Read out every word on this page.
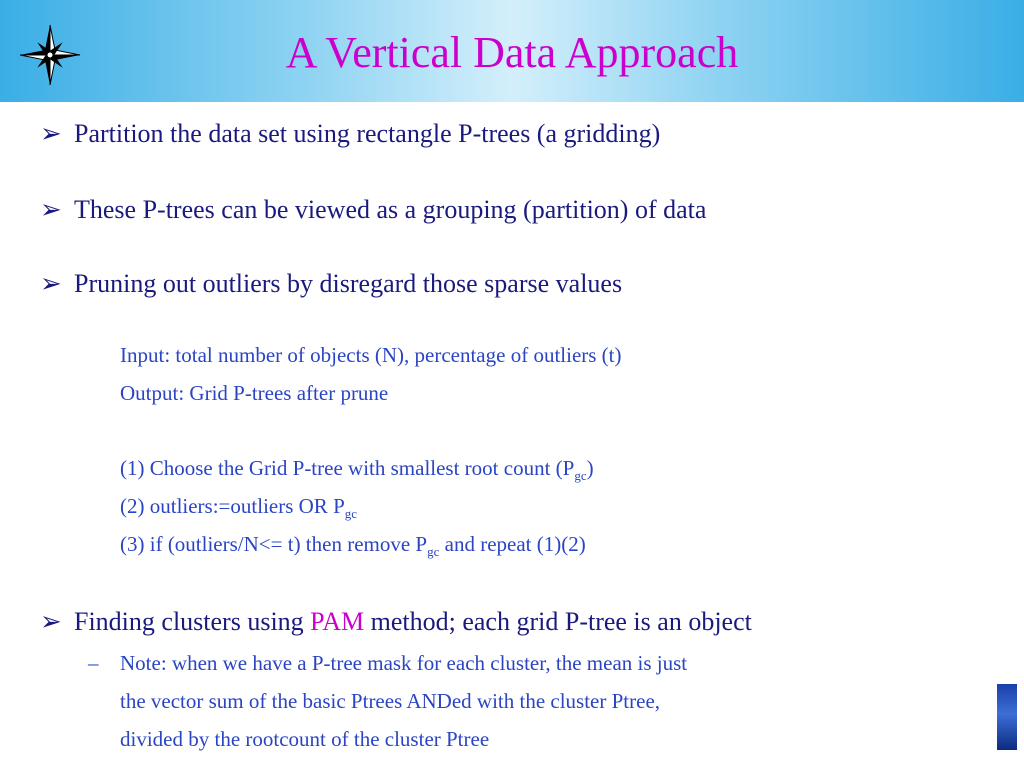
A Vertical Data Approach
➢ Partition the data set using rectangle P-trees (a gridding)
➢ These P-trees can be viewed as a grouping (partition) of data
➢ Pruning out outliers by disregard those sparse values
Input: total number of objects (N), percentage of outliers (t)
Output: Grid P-trees after prune
(1) Choose the Grid P-tree with smallest root count $(P_{gc})$
(2) outliers:=outliers OR $P_{gc}$
(3) if (outliers/N<= t) then remove $P_{gc}$ and repeat (1)(2)
➢ Finding clusters using PAM method; each grid P-tree is an object
– Note: when we have a P-tree mask for each cluster, the mean is just
the vector sum of the basic Ptrees ANDed with the cluster Ptree,
divided by the rootcount of the cluster Ptree
